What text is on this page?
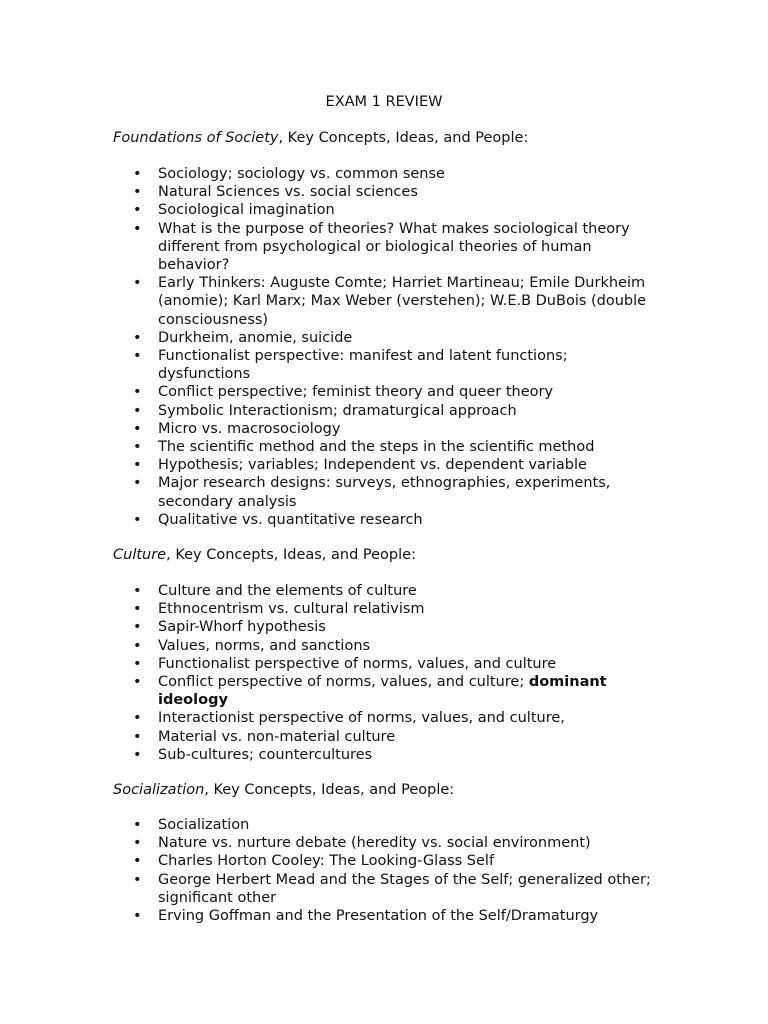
EXAM 1 REVIEW

Foundations of Society, Key Concepts, Ideas, and People:

• Sociology; sociology vs. common sense
• Natural Sciences vs. social sciences
• Sociological imagination
• What is the purpose of theories? What makes sociological theory different from psychological or biological theories of human behavior?
• Early Thinkers: Auguste Comte; Harriet Martineau; Emile Durkheim (anomie); Karl Marx; Max Weber (verstehen); W.E.B DuBois (double consciousness)
• Durkheim, anomie, suicide
• Functionalist perspective: manifest and latent functions; dysfunctions
• Conflict perspective; feminist theory and queer theory
• Symbolic Interactionism; dramaturgical approach
• Micro vs. macrosociology
• The scientific method and the steps in the scientific method
• Hypothesis; variables; Independent vs. dependent variable
• Major research designs: surveys, ethnographies, experiments, secondary analysis
• Qualitative vs. quantitative research

Culture, Key Concepts, Ideas, and People:

• Culture and the elements of culture
• Ethnocentrism vs. cultural relativism
• Sapir-Whorf hypothesis
• Values, norms, and sanctions
• Functionalist perspective of norms, values, and culture
• Conflict perspective of norms, values, and culture; dominant ideology
• Interactionist perspective of norms, values, and culture,
• Material vs. non-material culture
• Sub-cultures; countercultures

Socialization, Key Concepts, Ideas, and People:

• Socialization
• Nature vs. nurture debate (heredity vs. social environment)
• Charles Horton Cooley: The Looking-Glass Self
• George Herbert Mead and the Stages of the Self; generalized other; significant other
• Erving Goffman and the Presentation of the Self/Dramaturgy
